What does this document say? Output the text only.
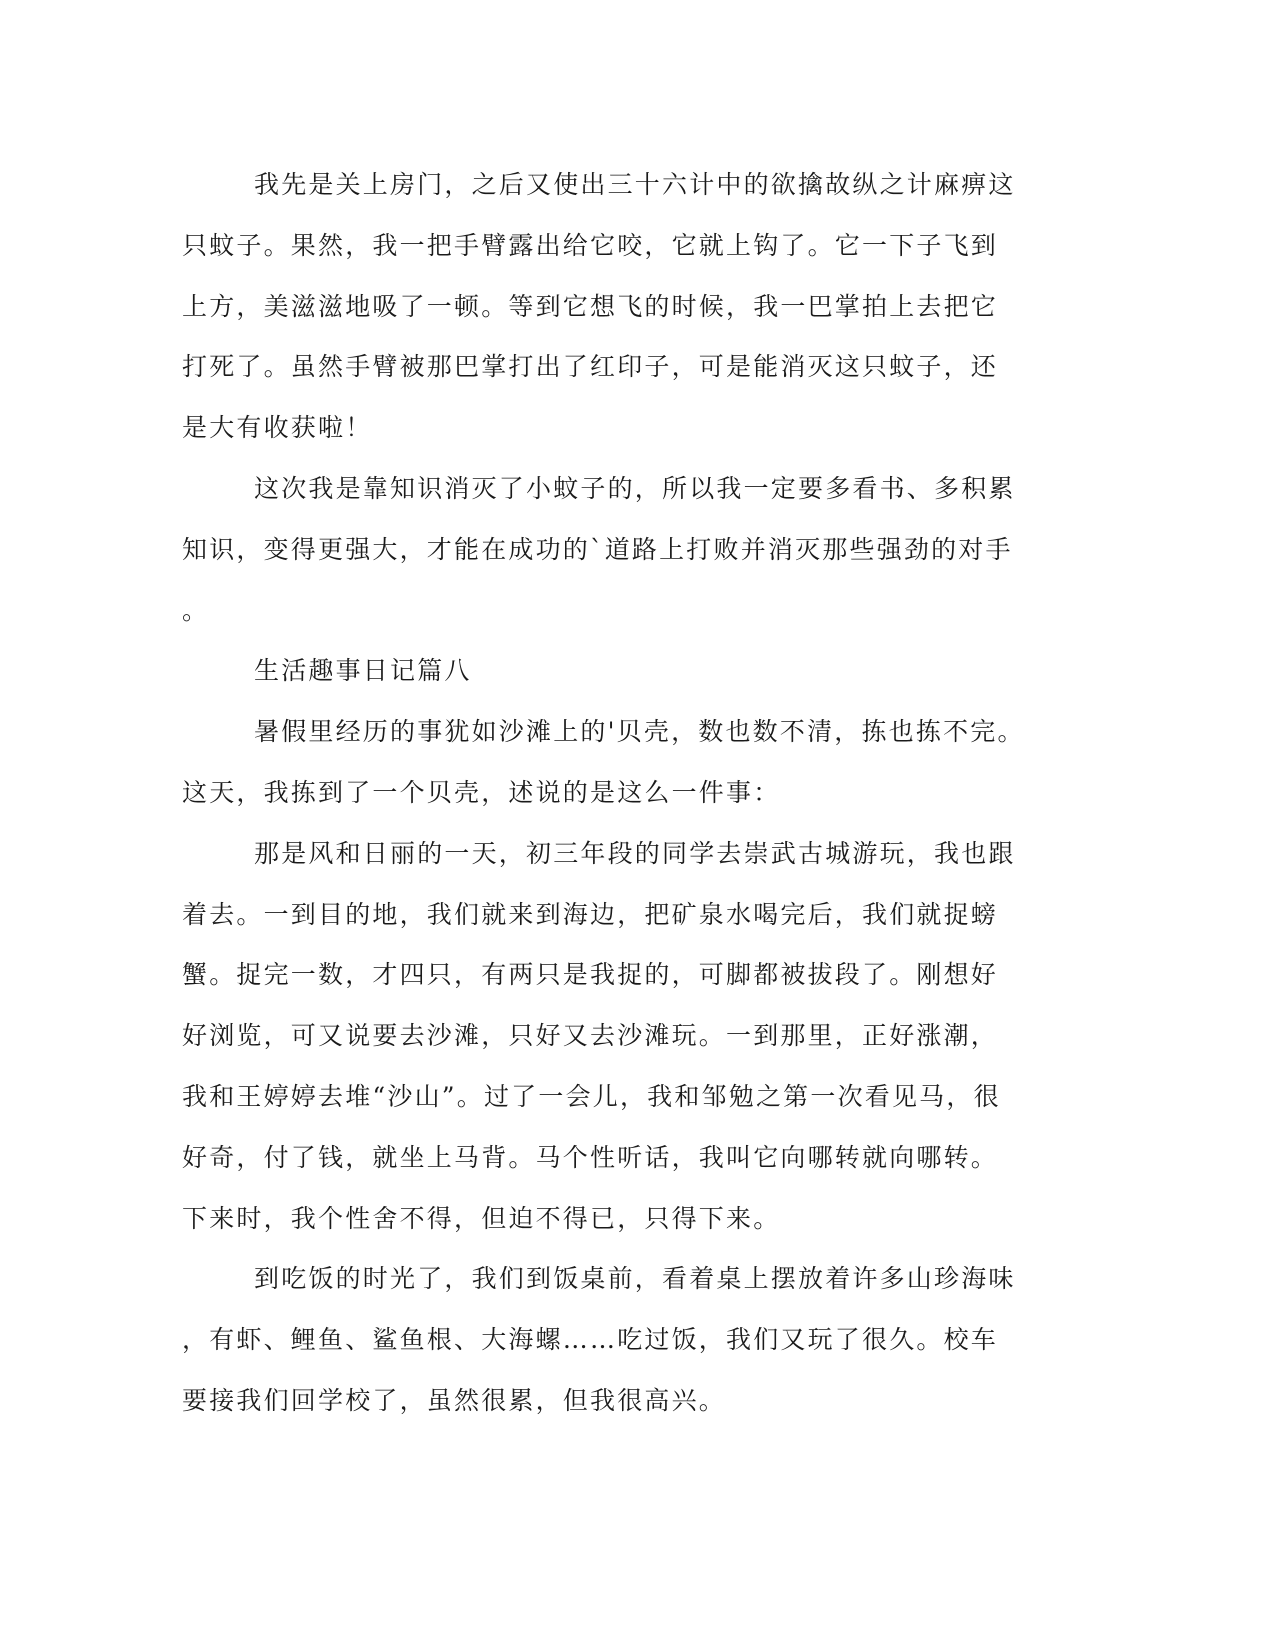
我先是关上房门，之后又使出三十六计中的欲擒故纵之计麻痹这
只蚊子。果然，我一把手臂露出给它咬，它就上钩了。它一下子飞到
上方，美滋滋地吸了一顿。等到它想飞的时候，我一巴掌拍上去把它
打死了。虽然手臂被那巴掌打出了红印子，可是能消灭这只蚊子，还
是大有收获啦！
这次我是靠知识消灭了小蚊子的，所以我一定要多看书、多积累
知识，变得更强大，才能在成功的`道路上打败并消灭那些强劲的对手
。
生活趣事日记篇八
暑假里经历的事犹如沙滩上的'贝壳，数也数不清，拣也拣不完。
这天，我拣到了一个贝壳，述说的是这么一件事：
那是风和日丽的一天，初三年段的同学去崇武古城游玩，我也跟
着去。一到目的地，我们就来到海边，把矿泉水喝完后，我们就捉螃
蟹。捉完一数，才四只，有两只是我捉的，可脚都被拔段了。刚想好
好浏览，可又说要去沙滩，只好又去沙滩玩。一到那里，正好涨潮，
我和王婷婷去堆“沙山”。过了一会儿，我和邹勉之第一次看见马，很
好奇，付了钱，就坐上马背。马个性听话，我叫它向哪转就向哪转。
下来时，我个性舍不得，但迫不得已，只得下来。
到吃饭的时光了，我们到饭桌前，看着桌上摆放着许多山珍海味
，有虾、鲤鱼、鲨鱼根、大海螺……吃过饭，我们又玩了很久。校车
要接我们回学校了，虽然很累，但我很高兴。
